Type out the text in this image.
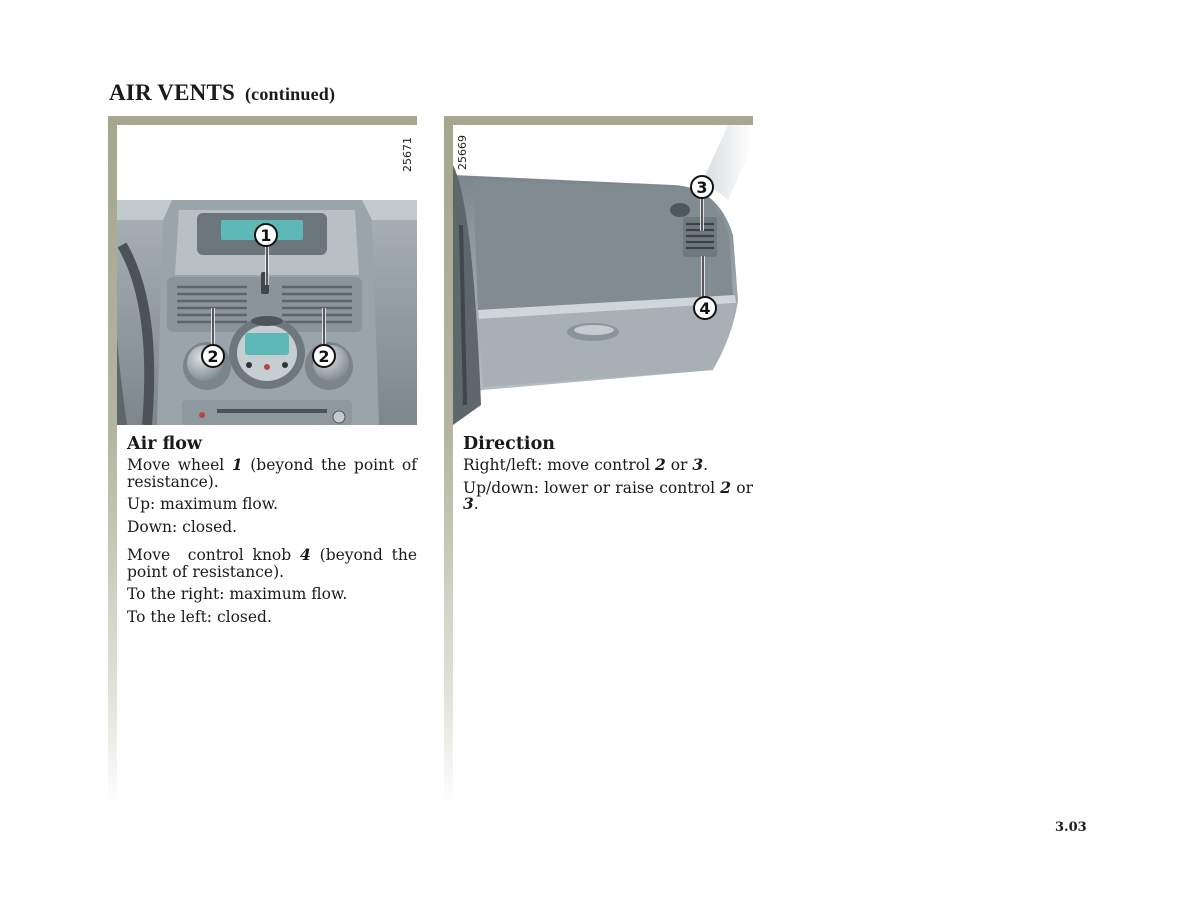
AIR VENTS (continued)
1
2	2
25671
Air flow

Move wheel 1 (beyond the point of resistance).

Up: maximum flow.

Down: closed.

Move  control knob 4 (beyond the point of resistance).

To the right: maximum flow.

To the left: closed.

3
4
25669
Direction

Right/left: move control 2 or 3.

Up/down: lower or raise control 2 or 3.

3.03
